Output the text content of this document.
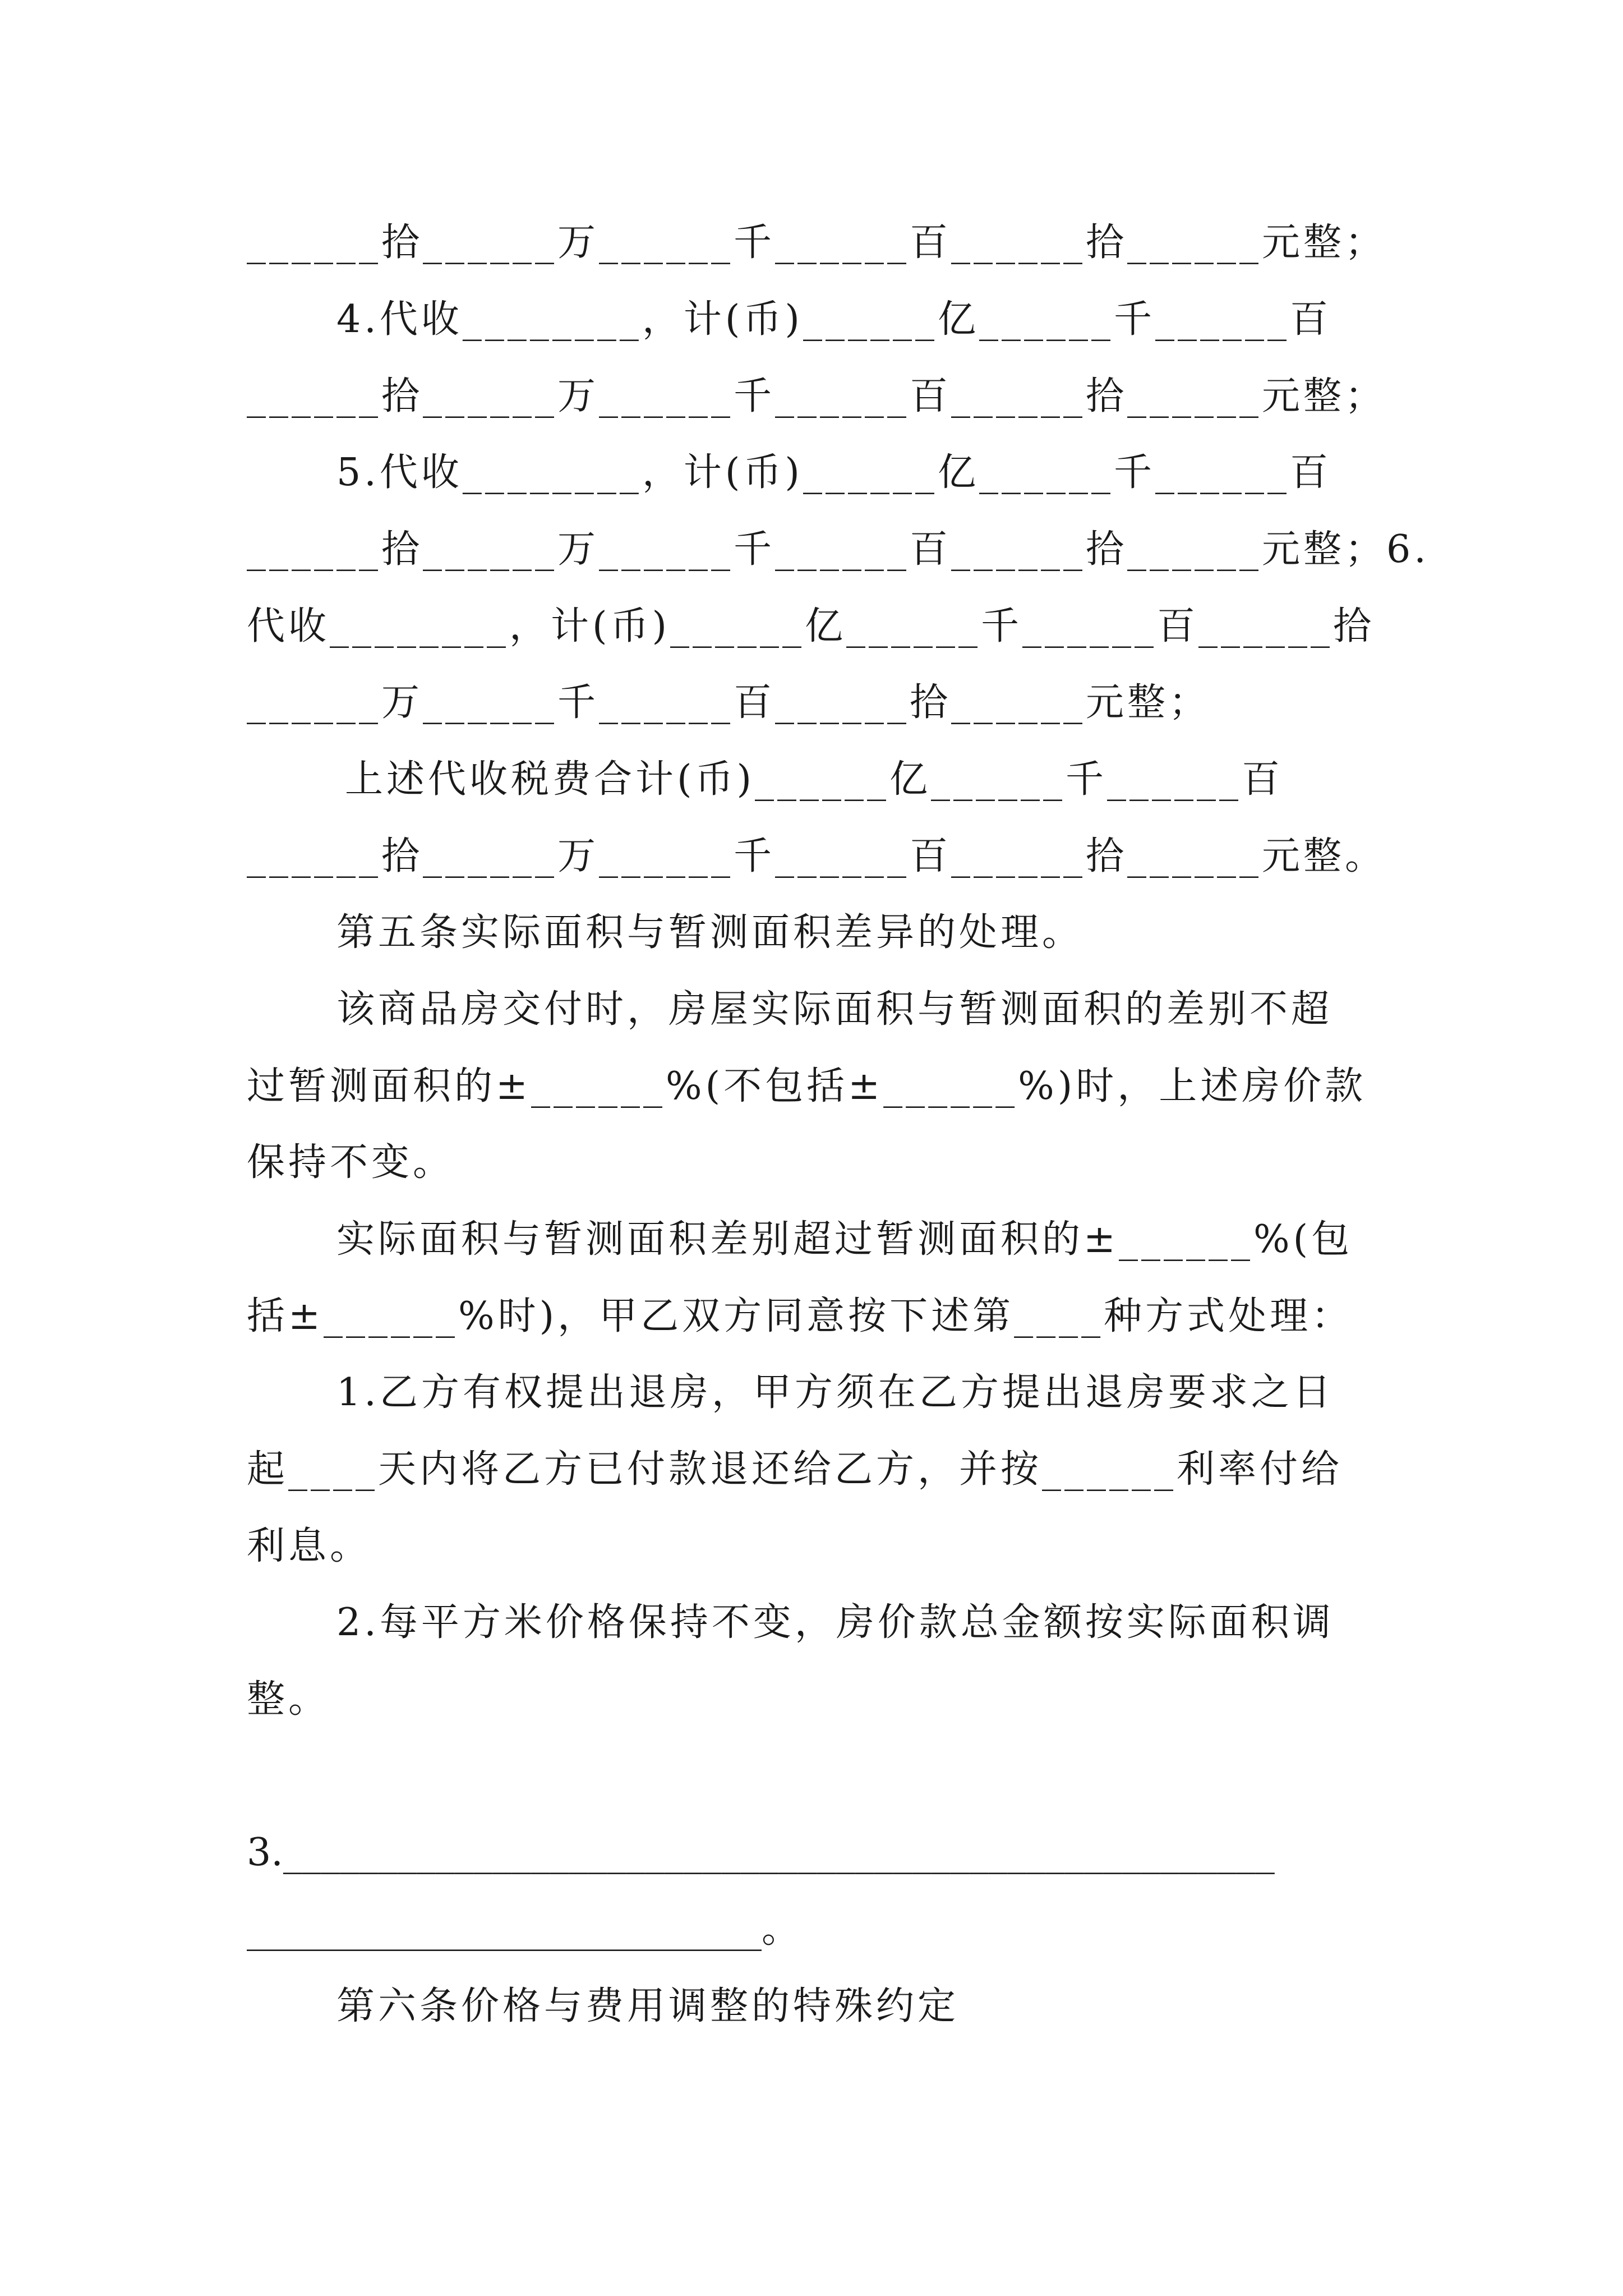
______拾______万______千______百______拾______元整；
4.代收________，计(币)______亿______千______百
______拾______万______千______百______拾______元整；
5.代收________，计(币)______亿______千______百
______拾______万______千______百______拾______元整；6.
代收________，计(币)______亿______千______百______拾
______万______千______百______拾______元整；
上述代收税费合计(币)______亿______千______百
______拾______万______千______百______拾______元整。
第五条实际面积与暂测面积差异的处理。
该商品房交付时，房屋实际面积与暂测面积的差别不超
过暂测面积的±______%(不包括±______%)时，上述房价款
保持不变。
实际面积与暂测面积差别超过暂测面积的±______%(包
括±______%时)，甲乙双方同意按下述第____种方式处理：
1.乙方有权提出退房，甲方须在乙方提出退房要求之日
起____天内将乙方已付款退还给乙方，并按______利率付给
利息。
2.每平方米价格保持不变，房价款总金额按实际面积调
整。
3.____________________________________________________
___________________________。
第六条价格与费用调整的特殊约定
